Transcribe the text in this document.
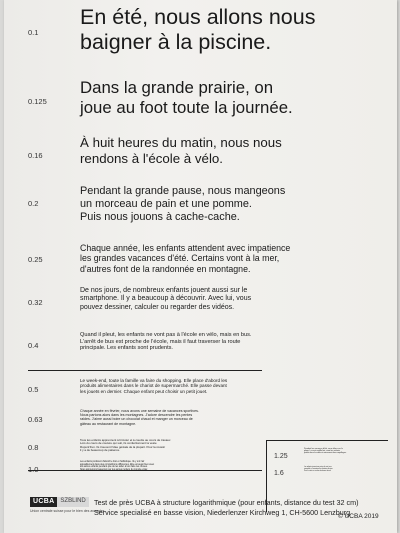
0.1
0.125
0.16
0.2
0.25
0.32
0.4
0.5
0.63
0.8
1.0
1.25
1.6

En été, nous allons nous
baigner à la piscine.

Dans la grande prairie, on
joue au foot toute la journée.

À huit heures du matin, nous nous
rendons à l'école à vélo.

Pendant la grande pause, nous mangeons
un morceau de pain et une pomme.
Puis nous jouons à cache-cache.

Chaque année, les enfants attendent avec impatience
les grandes vacances d'été. Certains vont à la mer,
d'autres font de la randonnée en montagne.

De nos jours, de nombreux enfants jouent aussi sur le
smartphone. Il y a beaucoup à découvrir. Avec lui, vous
pouvez dessiner, calculer ou regarder des vidéos.

Quand il pleut, les enfants ne vont pas à l'école en vélo, mais en bus.
L'arrêt de bus est proche de l'école, mais il faut traverser la route
principale. Les enfants sont prudents.

Le week-end, toute la famille va faire du shopping. Elle place d'abord les
produits alimentaires dans le chariot de supermarché. Elle passe devant
les jouets en dernier. Chaque enfant peut choisir un petit jouet.

Chaque année en février, nous avons une semaine de vacances sportives.
Nous partons alors dans les montagnes. J'adore descendre les pentes
raides. J'aime aussi boire un chocolat chaud et manger un morceau de
gâteau au restaurant de montagne.

Tous les enfants apprennent à bricoler et à coudre au cours de travaux
Lors du cours de couture qui suit, ils confectionnent la veste
Rupunt'Fun. Ils trouvent l'idée géniale de la plupart. Pour la réussir
il y a de beaucoup de patience.

Les enfants préfèrent d'abord le foot et l'athlétique. Ils y ont l'air
agréablement dans des compétitions différentes. Elle est aussi bien avec
les autres enfants pendant que de les aider à tout faire les choses.
Nous apprenons beaucoup sur les autres métiers du monde entier.

Pendant les vacances d'été, nous allons sur la
plage. Le vent souffle fort, mais les enfants
jouent dans le sable et ramassent des coquillages.

Les enfants jouent aux cartes le soir, tous
ensemble, et racontent les histoires du jour.
Puis ils vont se coucher de bonne heure.

UCBA	SZBLIND
Union centrale suisse pour le bien des aveugles
Test de près UCBA à structure logarithmique (pour enfants, distance du test 32 cm)
Service specialisé en basse vision, Niederlenzer Kirchweg 1, CH-5600 Lenzburg
© UCBA 2019
